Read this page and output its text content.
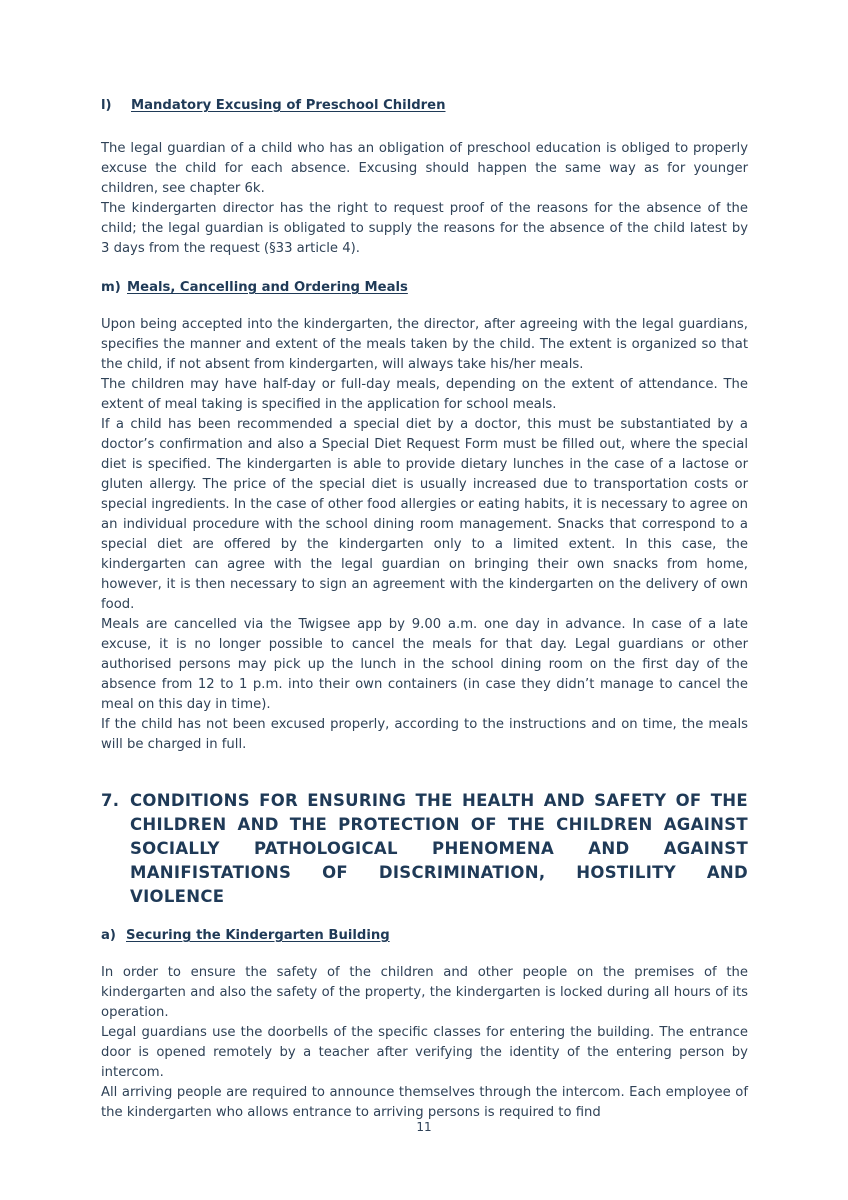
l) Mandatory Excusing of Preschool Children

The legal guardian of a child who has an obligation of preschool education is obliged to properly excuse the child for each absence. Excusing should happen the same way as for younger children, see chapter 6k.

The kindergarten director has the right to request proof of the reasons for the absence of the child; the legal guardian is obligated to supply the reasons for the absence of the child latest by 3 days from the request (§33 article 4).

m) Meals, Cancelling and Ordering Meals

Upon being accepted into the kindergarten, the director, after agreeing with the legal guardians, specifies the manner and extent of the meals taken by the child. The extent is organized so that the child, if not absent from kindergarten, will always take his/her meals.

The children may have half-day or full-day meals, depending on the extent of attendance. The extent of meal taking is specified in the application for school meals.

If a child has been recommended a special diet by a doctor, this must be substantiated by a doctor’s confirmation and also a Special Diet Request Form must be filled out, where the special diet is specified. The kindergarten is able to provide dietary lunches in the case of a lactose or gluten allergy. The price of the special diet is usually increased due to transportation costs or special ingredients. In the case of other food allergies or eating habits, it is necessary to agree on an individual procedure with the school dining room management. Snacks that correspond to a special diet are offered by the kindergarten only to a limited extent. In this case, the kindergarten can agree with the legal guardian on bringing their own snacks from home, however, it is then necessary to sign an agreement with the kindergarten on the delivery of own food.

Meals are cancelled via the Twigsee app by 9.00 a.m. one day in advance. In case of a late excuse, it is no longer possible to cancel the meals for that day. Legal guardians or other authorised persons may pick up the lunch in the school dining room on the first day of the absence from 12 to 1 p.m. into their own containers (in case they didn’t manage to cancel the meal on this day in time).

If the child has not been excused properly, according to the instructions and on time, the meals will be charged in full.

7. CONDITIONS FOR ENSURING THE HEALTH AND SAFETY OF THE CHILDREN AND THE PROTECTION OF THE CHILDREN AGAINST SOCIALLY PATHOLOGICAL PHENOMENA AND AGAINST MANIFISTATIONS OF DISCRIMINATION, HOSTILITY AND VIOLENCE

a) Securing the Kindergarten Building

In order to ensure the safety of the children and other people on the premises of the kindergarten and also the safety of the property, the kindergarten is locked during all hours of its operation.

Legal guardians use the doorbells of the specific classes for entering the building. The entrance door is opened remotely by a teacher after verifying the identity of the entering person by intercom.

All arriving people are required to announce themselves through the intercom. Each employee of the kindergarten who allows entrance to arriving persons is required to find

11
